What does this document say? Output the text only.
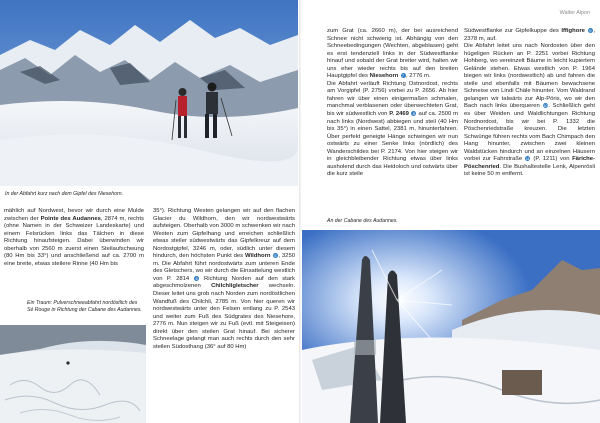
In der Abfahrt kurz nach dem Gipfel des Niesehorn.

mählich auf Nordwest, bevor wir durch eine Mulde zwischen der Pointe des Audannes, 2874 m, rechts (ohne Namen in der Schweizer Landeskarte) und einem Felsrücken links das Tälchen in diese Richtung hinaufsteigen. Dabei überwinden wir oberhalb von 2560 m zuerst einen Steilaufschwung (80 Hm bis 33°) und anschließend auf ca. 2700 m eine breite, etwas steilere Rinne (40 Hm bis

Ein Traum: Pulverschneeabfahrt nordöstlich des Sé Rouge in Richtung der Cabane des Audannes.

35°). Richtung Westen gelangen wir auf den flachen Glacier du Wildhorn, den wir nordwestwärts aufsteigen. Oberhalb von 3000 m schwenken wir nach Westen zum Gipfelhang und erreichen schließlich etwas steiler südwestwärts das Gipfelkreuz auf dem Nordostgipfel, 3246 m, oder, südlich unter diesem hindurch, den höchsten Punkt des Wildhorn 5 , 3250 m. Die Abfahrt führt nordostwärts zum unteren Ende des Gletschers, wo wir durch die Einsattelung westlich von P. 2814 6 Richtung Norden auf den stark abgeschmolzenen Chilchligletscher wechseln. Dieser leitet uns grob nach Norden zum nordöstlichen Wandfuß des Chilchli, 2785 m. Von hier queren wir nordwestwärts unter den Felsen entlang zu P. 2543 und weiter zum Fuß des Südgrates des Niesehore, 2776 m. Nun steigen wir zu Fuß (evtl. mit Steigeisen) direkt über den steilen Grat hinauf. Bei sicherer Schneelage gelangt man auch rechts durch den sehr steilen Südosthang (36° auf 80 Hm)

Walter Alpon

zum Grat (ca. 2660 m), der bei ausreichend Schnee nicht schwierig ist. Abhängig von den Schneebedingungen (Wechten, abgeblasen) geht es erst tendenziell links in der Südwestflanke hinauf und sobald der Grat breiter wird, halten wir uns eher wieder rechts bis auf den breiten Hauptgipfel des Niesehorn 7 , 2776 m.
Die Abfahrt verläuft Richtung Ostnordost, rechts am Vorgipfel (P. 2756) vorbei zu P. 2656. Ab hier fahren wir über einen einigermaßen schmalen, manchmal verblasenen oder überwechteten Grat, bis wir südwestlich von P. 2469 8 auf ca. 2500 m nach links (Nordwest) abbiegen und steil (40 Hm bis 35°) in einen Sattel, 2381 m, hinunterfahren. Über perfekt geneigte Hänge schwingen wir nun ostwärts zu einer Senke links (nördlich) des Wanderschildes bei P. 2174. Von hier steigen wir in gleichbleibender Richtung etwas über links ausholend durch das Heidoloch und ostwärts über die kurz steile

Südwestflanke zur Gipfelkuppe des Iffighore 9 , 2378 m, auf.
Die Abfahrt leitet uns nach Nordosten über den hügeligen Rücken an P. 2251 vorbei Richtung Hohberg, wo vereinzelt Bäume in leicht kupiertem Gelände stehen. Etwas westlich von P. 1964 biegen wir links (nordwestlich) ab und fahren die steile und ebenfalls mit Bäumen bewachsene Schneise von Lindi Chäle hinunter. Vom Waldrand gelangen wir talwärts zur Alp-Pöris, wo wir den Bach nach links überqueren 10. Schließlich geht es über Weiden und Waldlichtungen Richtung Nordnordost, bis wir bei P. 1332 die Pöschenriedstraße kreuzen. Die letzten Schwünge führen rechts vom Bach Chimpach den Hang hinunter, zwischen zwei kleinen Waldstücken hindurch und an einzelnen Häusern vorbei zur Fahrstraße 11 (P. 1211) von Färiche-Pöschenried. Die Bushaltestelle Lenk, Alpenrösli ist keine 50 m entfernt.

An der Cabane des Audannes.
